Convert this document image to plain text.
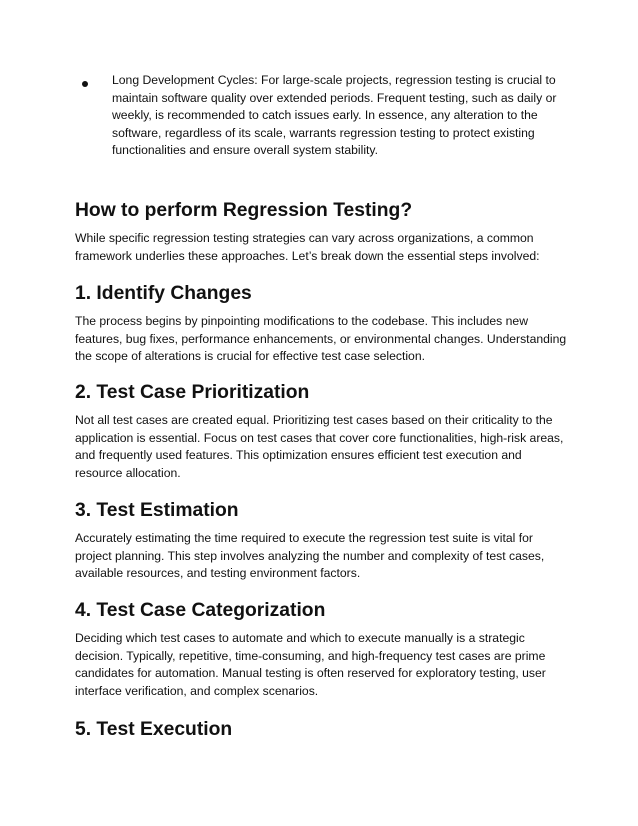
Long Development Cycles: For large-scale projects, regression testing is crucial to maintain software quality over extended periods. Frequent testing, such as daily or weekly, is recommended to catch issues early. In essence, any alteration to the software, regardless of its scale, warrants regression testing to protect existing functionalities and ensure overall system stability.

How to perform Regression Testing?

While specific regression testing strategies can vary across organizations, a common framework underlies these approaches. Let’s break down the essential steps involved:

1. Identify Changes

The process begins by pinpointing modifications to the codebase. This includes new features, bug fixes, performance enhancements, or environmental changes. Understanding the scope of alterations is crucial for effective test case selection.

2. Test Case Prioritization

Not all test cases are created equal. Prioritizing test cases based on their criticality to the application is essential. Focus on test cases that cover core functionalities, high-risk areas, and frequently used features. This optimization ensures efficient test execution and resource allocation.

3. Test Estimation

Accurately estimating the time required to execute the regression test suite is vital for project planning. This step involves analyzing the number and complexity of test cases, available resources, and testing environment factors.

4. Test Case Categorization

Deciding which test cases to automate and which to execute manually is a strategic decision. Typically, repetitive, time-consuming, and high-frequency test cases are prime candidates for automation. Manual testing is often reserved for exploratory testing, user interface verification, and complex scenarios.

5. Test Execution
